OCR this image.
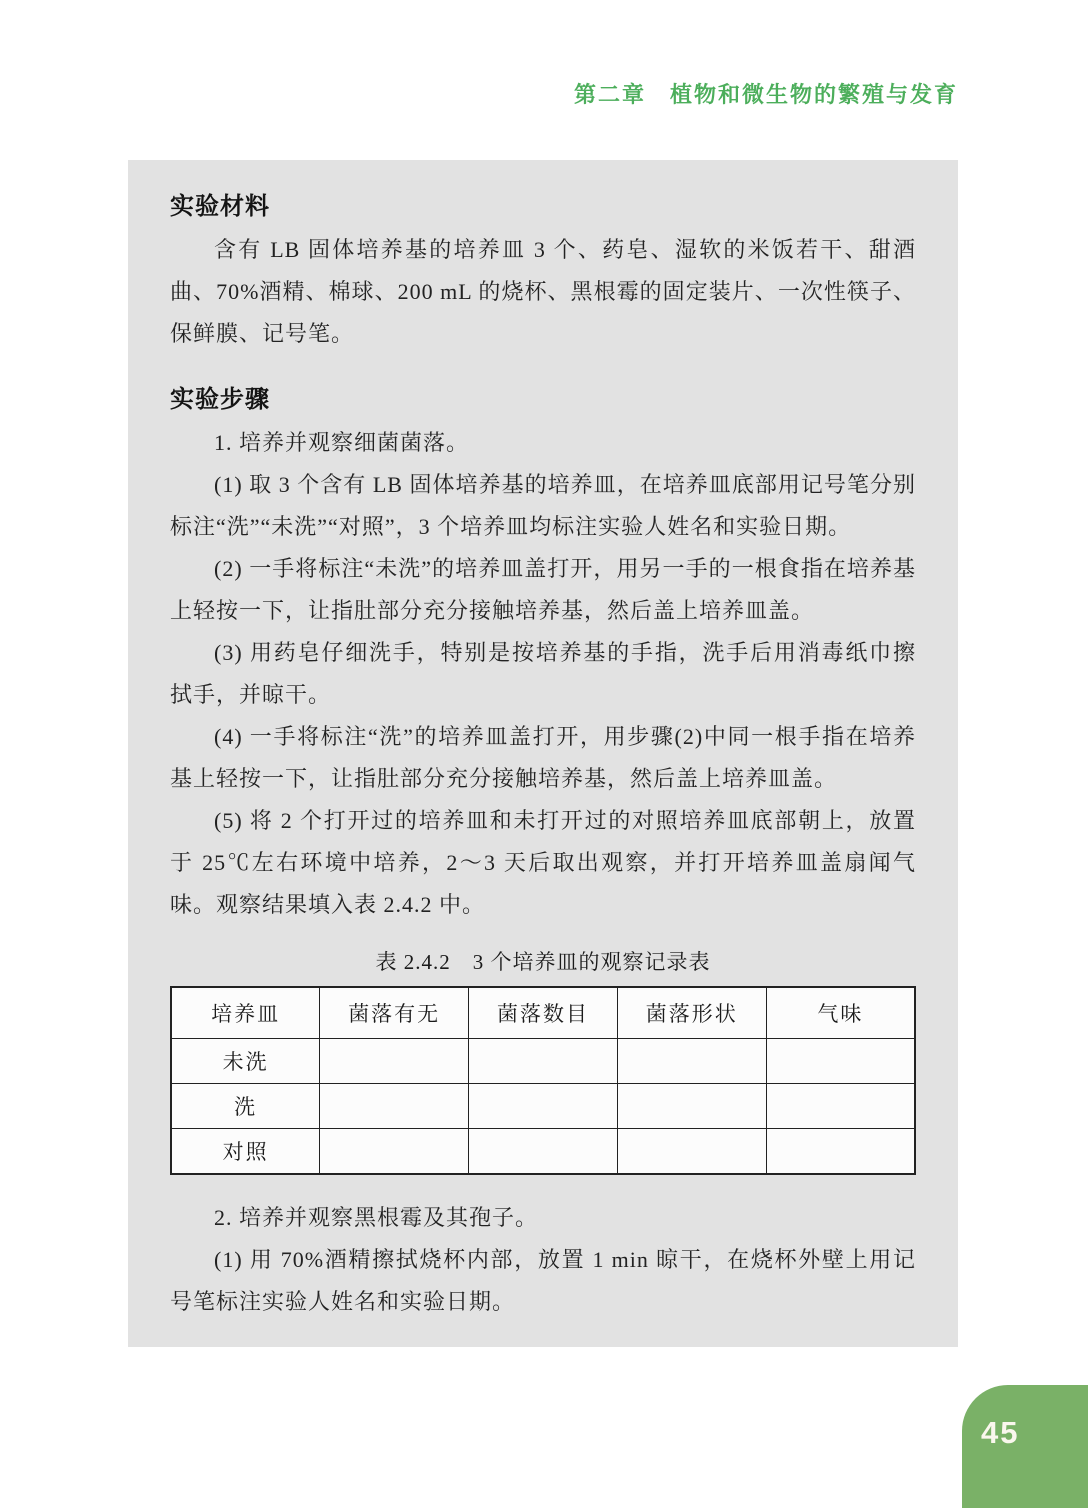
第二章　植物和微生物的繁殖与发育
实验材料

含有 LB 固体培养基的培养皿 3 个、药皂、湿软的米饭若干、甜酒曲、70%酒精、棉球、200 mL 的烧杯、黑根霉的固定装片、一次性筷子、保鲜膜、记号笔。

实验步骤

1. 培养并观察细菌菌落。

(1) 取 3 个含有 LB 固体培养基的培养皿，在培养皿底部用记号笔分别标注“洗”“未洗”“对照”，3 个培养皿均标注实验人姓名和实验日期。

(2) 一手将标注“未洗”的培养皿盖打开，用另一手的一根食指在培养基上轻按一下，让指肚部分充分接触培养基，然后盖上培养皿盖。

(3) 用药皂仔细洗手，特别是按培养基的手指，洗手后用消毒纸巾擦拭手，并晾干。

(4) 一手将标注“洗”的培养皿盖打开，用步骤(2)中同一根手指在培养基上轻按一下，让指肚部分充分接触培养基，然后盖上培养皿盖。

(5) 将 2 个打开过的培养皿和未打开过的对照培养皿底部朝上，放置于 25℃左右环境中培养，2～3 天后取出观察，并打开培养皿盖扇闻气味。观察结果填入表 2.4.2 中。

表 2.4.2　3 个培养皿的观察记录表
培养皿	菌落有无	菌落数目	菌落形状	气味
未洗				
洗				
对照				

2. 培养并观察黑根霉及其孢子。

(1) 用 70%酒精擦拭烧杯内部，放置 1 min 晾干，在烧杯外壁上用记号笔标注实验人姓名和实验日期。

45
